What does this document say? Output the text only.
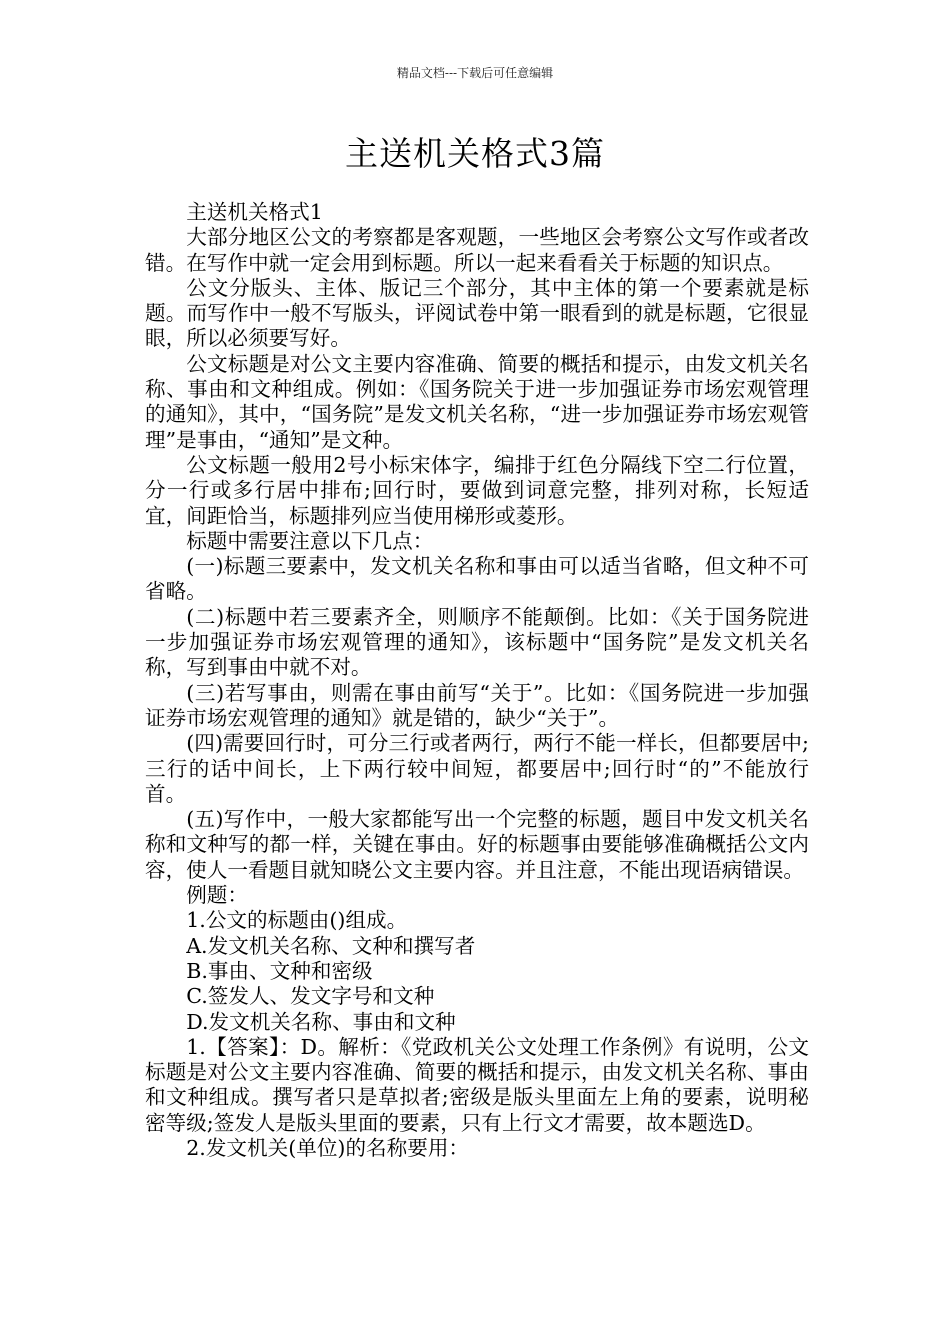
精品文档---下载后可任意编辑
主送机关格式3篇

主送机关格式1

大部分地区公文的考察都是客观题，一些地区会考察公文写作或者改错。在写作中就一定会用到标题。所以一起来看看关于标题的知识点。

公文分版头、主体、版记三个部分，其中主体的第一个要素就是标题。而写作中一般不写版头，评阅试卷中第一眼看到的就是标题，它很显眼，所以必须要写好。

公文标题是对公文主要内容准确、简要的概括和提示，由发文机关名称、事由和文种组成。例如：《国务院关于进一步加强证券市场宏观管理的通知》，其中，“国务院”是发文机关名称，“进一步加强证券市场宏观管理”是事由，“通知”是文种。

公文标题一般用2号小标宋体字，编排于红色分隔线下空二行位置，分一行或多行居中排布;回行时，要做到词意完整，排列对称，长短适宜，间距恰当，标题排列应当使用梯形或菱形。

标题中需要注意以下几点：

(一)标题三要素中，发文机关名称和事由可以适当省略，但文种不可省略。

(二)标题中若三要素齐全，则顺序不能颠倒。比如：《关于国务院进一步加强证券市场宏观管理的通知》，该标题中“国务院”是发文机关名称，写到事由中就不对。

(三)若写事由，则需在事由前写“关于”。比如：《国务院进一步加强证券市场宏观管理的通知》就是错的，缺少“关于”。

(四)需要回行时，可分三行或者两行，两行不能一样长，但都要居中;三行的话中间长，上下两行较中间短，都要居中;回行时“的”不能放行首。

(五)写作中，一般大家都能写出一个完整的标题，题目中发文机关名称和文种写的都一样，关键在事由。好的标题事由要能够准确概括公文内容，使人一看题目就知晓公文主要内容。并且注意，不能出现语病错误。

例题：

1.公文的标题由()组成。

A.发文机关名称、文种和撰写者

B.事由、文种和密级

C.签发人、发文字号和文种

D.发文机关名称、事由和文种

1.【答案】：D。解析：《党政机关公文处理工作条例》有说明，公文标题是对公文主要内容准确、简要的概括和提示，由发文机关名称、事由和文种组成。撰写者只是草拟者;密级是版头里面左上角的要素，说明秘密等级;签发人是版头里面的要素，只有上行文才需要，故本题选D。

2.发文机关(单位)的名称要用：
